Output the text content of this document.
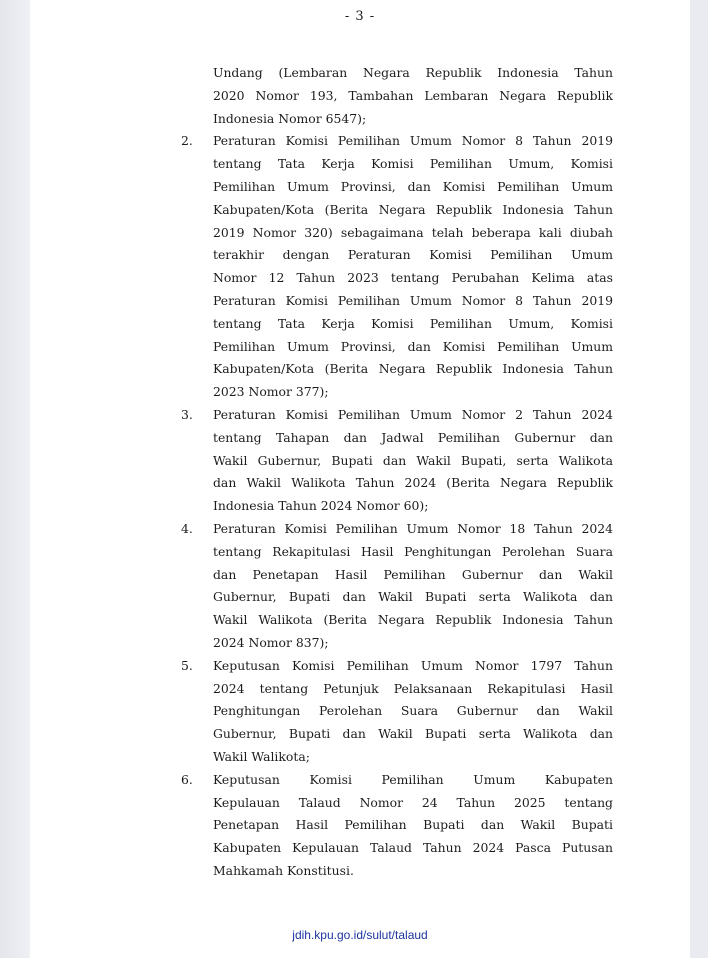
- 3 -

Undang (Lembaran Negara Republik Indonesia Tahun
2020 Nomor 193, Tambahan Lembaran Negara Republik
Indonesia Nomor 6547);

2.	Peraturan Komisi Pemilihan Umum Nomor 8 Tahun 2019
tentang Tata Kerja Komisi Pemilihan Umum, Komisi
Pemilihan Umum Provinsi, dan Komisi Pemilihan Umum
Kabupaten/Kota (Berita Negara Republik Indonesia Tahun
2019 Nomor 320) sebagaimana telah beberapa kali diubah
terakhir dengan Peraturan Komisi Pemilihan Umum
Nomor 12 Tahun 2023 tentang Perubahan Kelima atas
Peraturan Komisi Pemilihan Umum Nomor 8 Tahun 2019
tentang Tata Kerja Komisi Pemilihan Umum, Komisi
Pemilihan Umum Provinsi, dan Komisi Pemilihan Umum
Kabupaten/Kota (Berita Negara Republik Indonesia Tahun
2023 Nomor 377);
3.	Peraturan Komisi Pemilihan Umum Nomor 2 Tahun 2024
tentang Tahapan dan Jadwal Pemilihan Gubernur dan
Wakil Gubernur, Bupati dan Wakil Bupati, serta Walikota
dan Wakil Walikota Tahun 2024 (Berita Negara Republik
Indonesia Tahun 2024 Nomor 60);
4.	Peraturan Komisi Pemilihan Umum Nomor 18 Tahun 2024
tentang Rekapitulasi Hasil Penghitungan Perolehan Suara
dan Penetapan Hasil Pemilihan Gubernur dan Wakil
Gubernur, Bupati dan Wakil Bupati serta Walikota dan
Wakil Walikota (Berita Negara Republik Indonesia Tahun
2024 Nomor 837);
5.	Keputusan Komisi Pemilihan Umum Nomor 1797 Tahun
2024 tentang Petunjuk Pelaksanaan Rekapitulasi Hasil
Penghitungan Perolehan Suara Gubernur dan Wakil
Gubernur, Bupati dan Wakil Bupati serta Walikota dan
Wakil Walikota;
6.	Keputusan Komisi Pemilihan Umum Kabupaten
Kepulauan Talaud Nomor 24 Tahun 2025 tentang
Penetapan Hasil Pemilihan Bupati dan Wakil Bupati
Kabupaten Kepulauan Talaud Tahun 2024 Pasca Putusan
Mahkamah Konstitusi.
jdih.kpu.go.id/sulut/talaud
